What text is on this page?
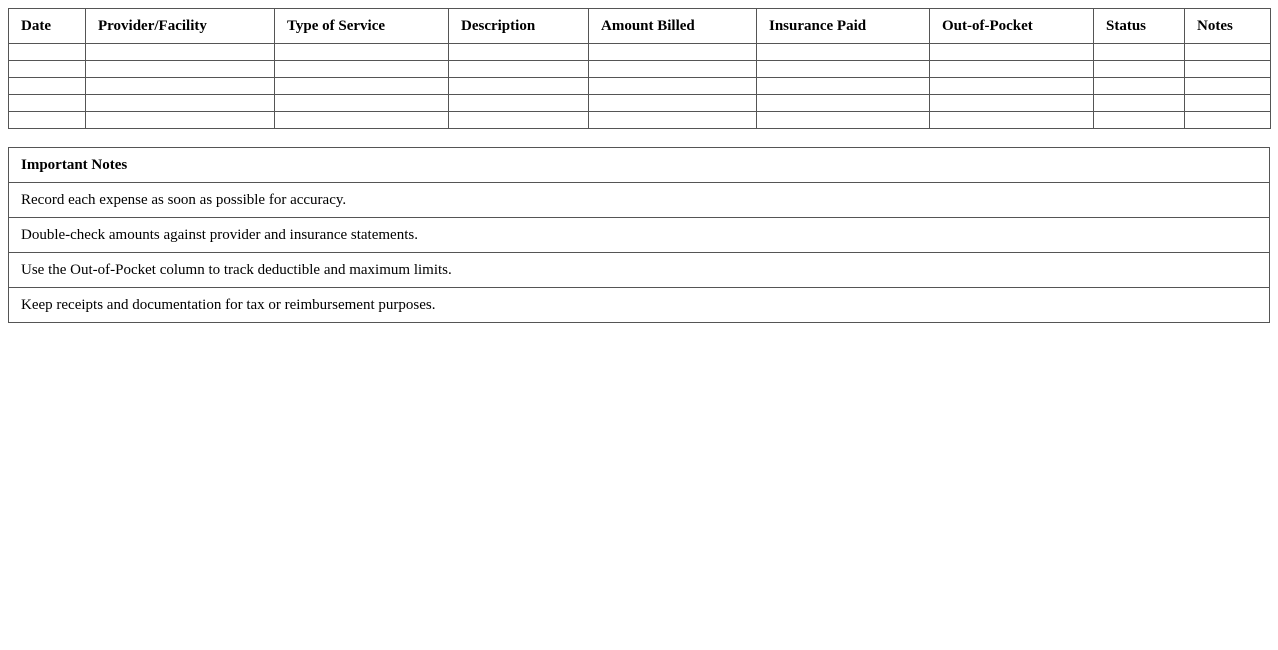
Date	Provider/Facility	Type of Service	Description	Amount Billed	Insurance Paid	Out-of-Pocket	Status	Notes

Important Notes
Record each expense as soon as possible for accuracy.
Double-check amounts against provider and insurance statements.
Use the Out-of-Pocket column to track deductible and maximum limits.
Keep receipts and documentation for tax or reimbursement purposes.
